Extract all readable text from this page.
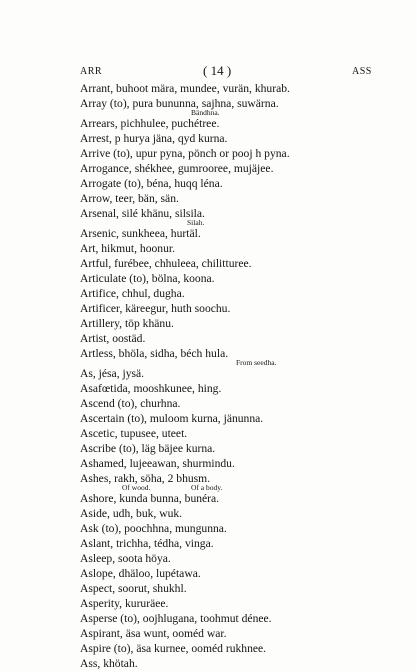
ARR	( 14 )	ASS
Arrant, buhoot mära, mundee, vurän, khurab.
Array (to), pura bununna, sajhna, suwärna.
Bändhna.
Arrears, pichhulee, puchétree.
Arrest, p hurya jäna, qyd kurna.
Arrive (to), upur pyna, pönch or pooj h pyna.
Arrogance, shékhee, gumrooree, mujäjee.
Arrogate (to), béna, huqq léna.
Arrow, teer, bän, sän.
Arsenal, silé khänu, silsila.
Silah.
Arsenic, sunkheea, hurtäl.
Art, hikmut, hoonur.
Artful, furébee, chhuleea, chilitturee.
Articulate (to), bölna, koona.
Artifice, chhul, dugha.
Artificer, käreegur, huth soochu.
Artillery, töp khänu.
Artist, oostäd.
Artless, bhöla, sidha, béch hula.
From seedha.
As, jésa, jysä.
Asafœtida, mooshkunee, hing.
Ascend (to), churhna.
Ascertain (to), muloom kurna, jänunna.
Ascetic, tupusee, uteet.
Ascribe (to), läg bäjee kurna.
Ashamed, lujeeawan, shurmindu.
Ashes, rakh, söha, 2 bhusm.
Of wood.	Of a body.
Ashore, kunda bunna, bunéra.
Aside, udh, buk, wuk.
Ask (to), poochhna, mungunna.
Aslant, trichha, tédha, vinga.
Asleep, soota höya.
Aslope, dhäloo, lupétawa.
Aspect, soorut, shukhl.
Asperity, kururäee.
Asperse (to), oojhlugana, toohmut dénee.
Aspirant, äsa wunt, ooméd war.
Aspire (to), äsa kurnee, ooméd rukhnee.
Ass, khötah.
